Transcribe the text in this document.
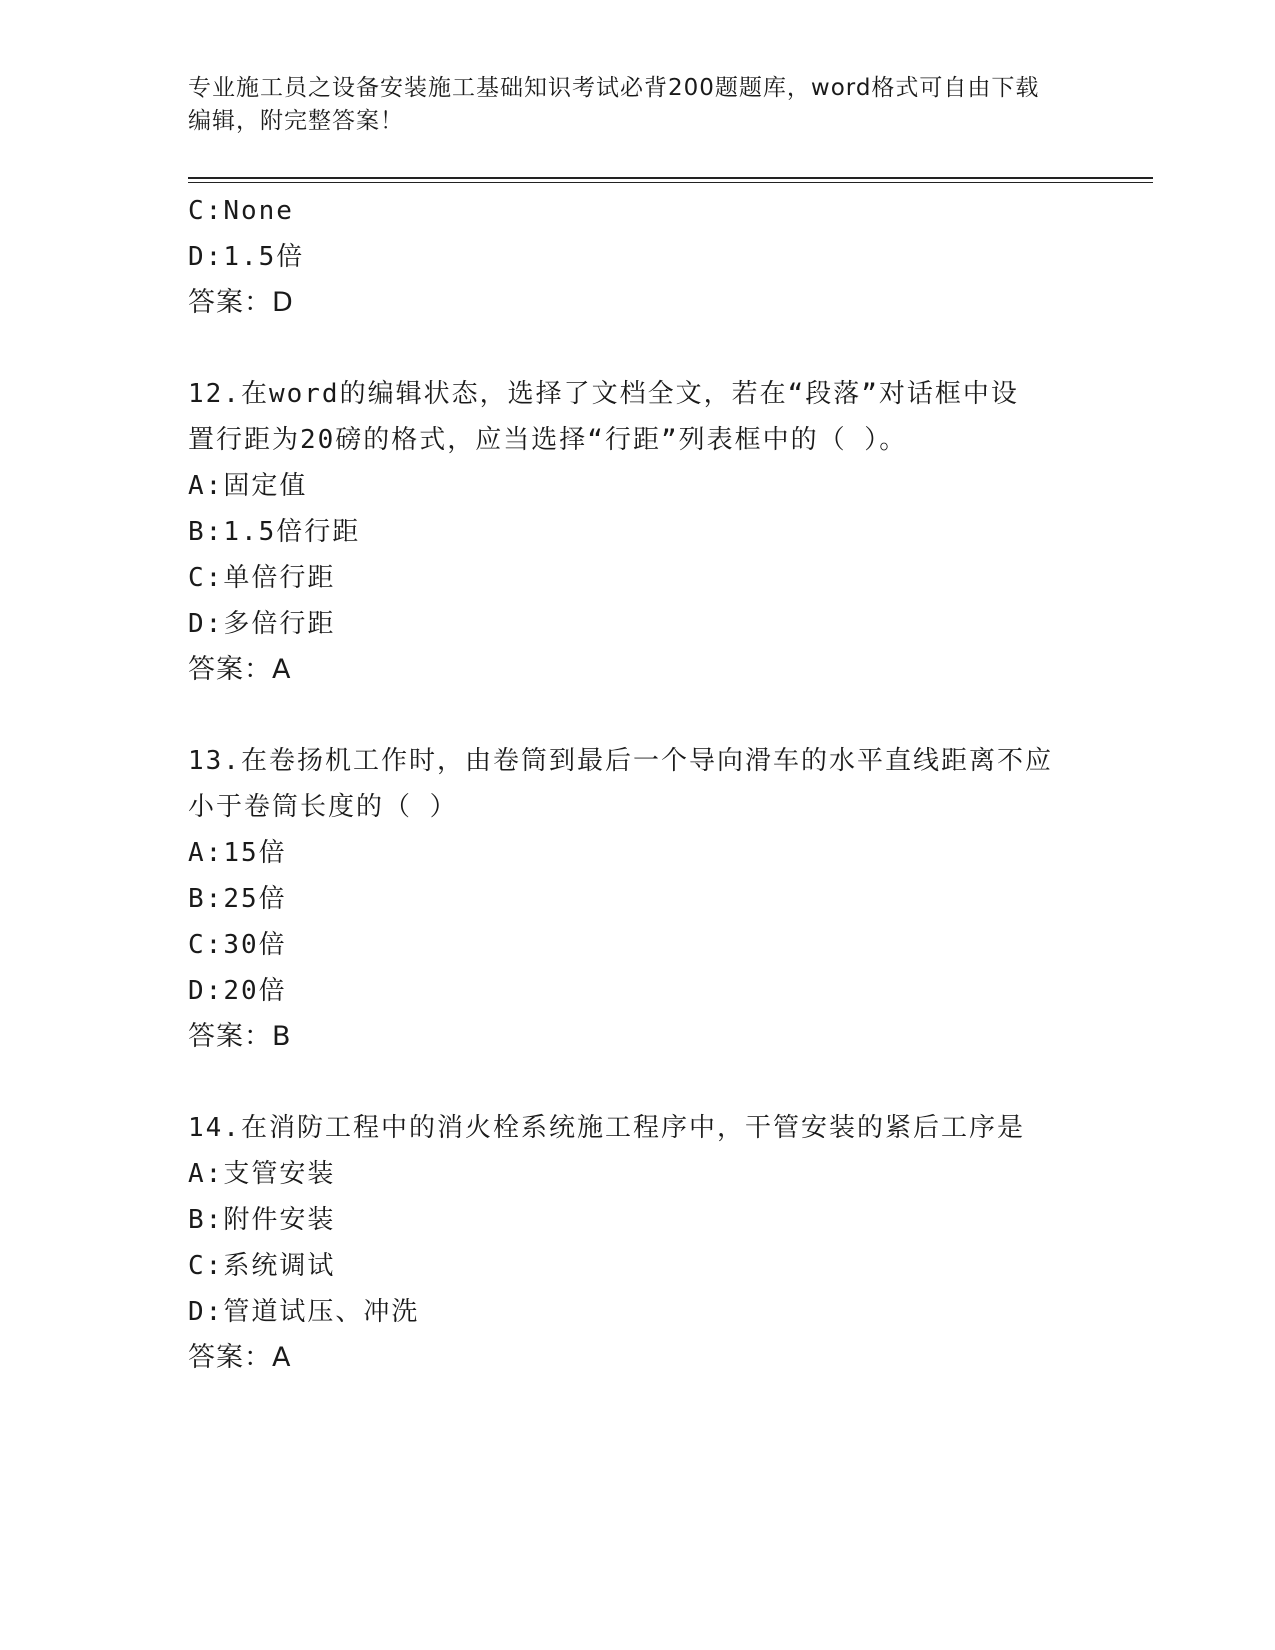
专业施工员之设备安装施工基础知识考试必背200题题库，word格式可自由下载
编辑，附完整答案！
C:None
D:1.5倍
答案：D
12.在word的编辑状态，选择了文档全文，若在“段落”对话框中设
置行距为20磅的格式，应当选择“行距”列表框中的（ ）。
A:固定值
B:1.5倍行距
C:单倍行距
D:多倍行距
答案：A
13.在卷扬机工作时，由卷筒到最后一个导向滑车的水平直线距离不应
小于卷筒长度的（ ）
A:15倍
B:25倍
C:30倍
D:20倍
答案：B
14.在消防工程中的消火栓系统施工程序中，干管安装的紧后工序是
A:支管安装
B:附件安装
C:系统调试
D:管道试压、冲洗
答案：A
